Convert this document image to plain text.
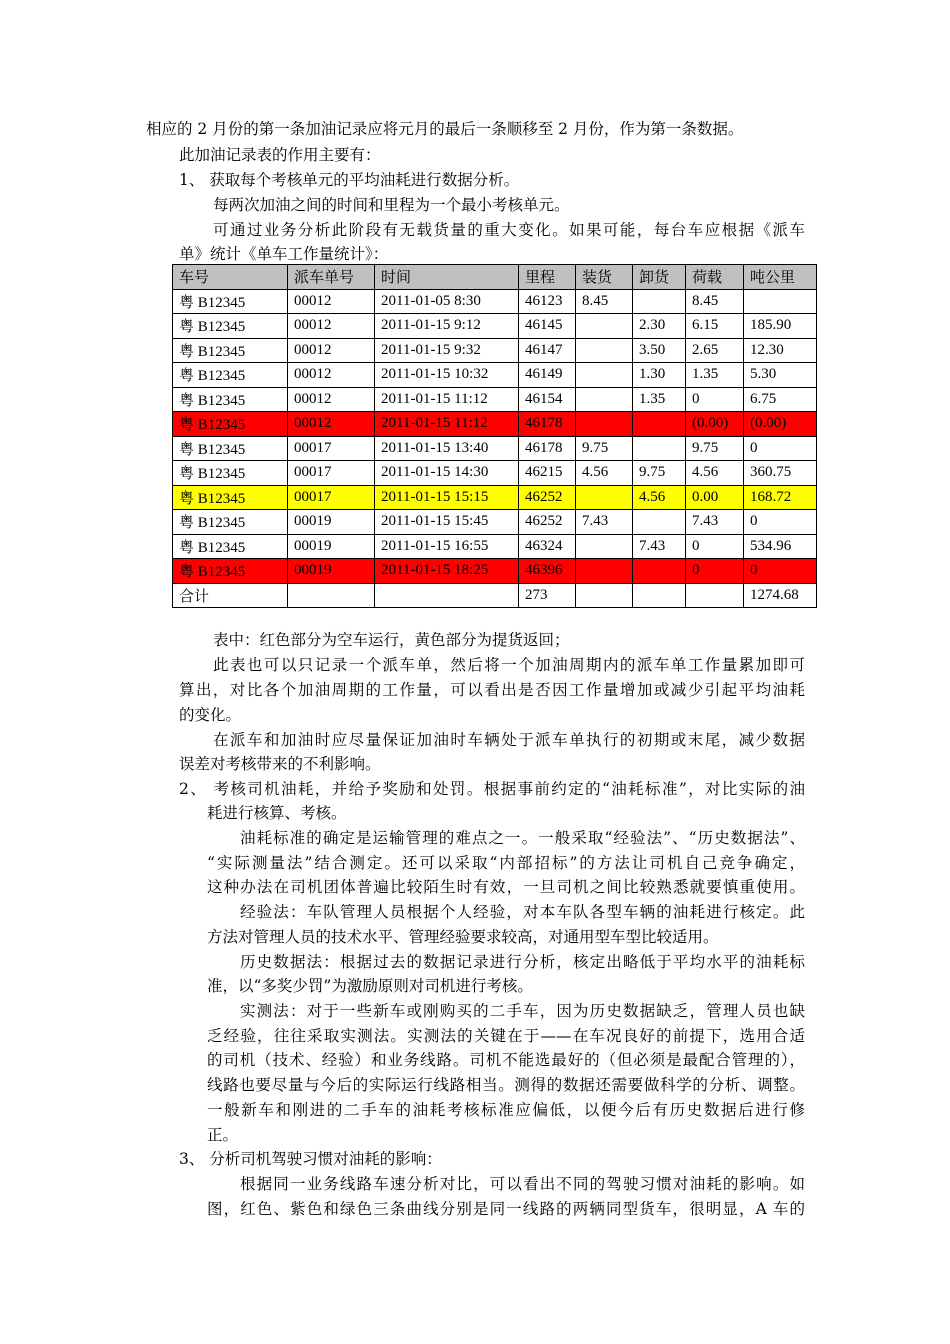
相应的 2 月份的第一条加油记录应将元月的最后一条顺移至 2 月份，作为第一条数据。
此加油记录表的作用主要有：
1、 获取每个考核单元的平均油耗进行数据分析。
每两次加油之间的时间和里程为一个最小考核单元。
可通过业务分析此阶段有无载货量的重大变化。如果可能，每台车应根据《派车
单》统计《单车工作量统计》：
车号	派车单号	时间	里程	装货	卸货	荷载	吨公里
粤 B12345	00012	2011-01-05 8:30	46123	8.45		8.45	
粤 B12345	00012	2011-01-15 9:12	46145		2.30	6.15	185.90
粤 B12345	00012	2011-01-15 9:32	46147		3.50	2.65	12.30
粤 B12345	00012	2011-01-15 10:32	46149		1.30	1.35	5.30
粤 B12345	00012	2011-01-15 11:12	46154		1.35	0	6.75
粤 B12345	00012	2011-01-15 11:12	46178			(0.00)	(0.00)
粤 B12345	00017	2011-01-15 13:40	46178	9.75		9.75	0
粤 B12345	00017	2011-01-15 14:30	46215	4.56	9.75	4.56	360.75
粤 B12345	00017	2011-01-15 15:15	46252		4.56	0.00	168.72
粤 B12345	00019	2011-01-15 15:45	46252	7.43		7.43	0
粤 B12345	00019	2011-01-15 16:55	46324		7.43	0	534.96
粤 B12345	00019	2011-01-15 18:25	46396			0	0
合计			273				1274.68
表中：红色部分为空车运行，黄色部分为提货返回；
此表也可以只记录一个派车单，然后将一个加油周期内的派车单工作量累加即可
算出，对比各个加油周期的工作量，可以看出是否因工作量增加或减少引起平均油耗
的变化。
在派车和加油时应尽量保证加油时车辆处于派车单执行的初期或末尾，减少数据
误差对考核带来的不利影响。
2、 考核司机油耗，并给予奖励和处罚。根据事前约定的“油耗标准”，对比实际的油
耗进行核算、考核。
油耗标准的确定是运输管理的难点之一。一般采取“经验法”、“历史数据法”、
“实际测量法”结合测定。还可以采取“内部招标”的方法让司机自己竞争确定，
这种办法在司机团体普遍比较陌生时有效，一旦司机之间比较熟悉就要慎重使用。
经验法：车队管理人员根据个人经验，对本车队各型车辆的油耗进行核定。此
方法对管理人员的技术水平、管理经验要求较高，对通用型车型比较适用。
历史数据法：根据过去的数据记录进行分析，核定出略低于平均水平的油耗标
准，以“多奖少罚”为激励原则对司机进行考核。
实测法：对于一些新车或刚购买的二手车，因为历史数据缺乏，管理人员也缺
乏经验，往往采取实测法。实测法的关键在于——在车况良好的前提下，选用合适
的司机（技术、经验）和业务线路。司机不能选最好的（但必须是最配合管理的），
线路也要尽量与今后的实际运行线路相当。测得的数据还需要做科学的分析、调整。
一般新车和刚进的二手车的油耗考核标准应偏低，以便今后有历史数据后进行修
正。
3、 分析司机驾驶习惯对油耗的影响：
根据同一业务线路车速分析对比，可以看出不同的驾驶习惯对油耗的影响。如
图，红色、紫色和绿色三条曲线分别是同一线路的两辆同型货车，很明显，A 车的
